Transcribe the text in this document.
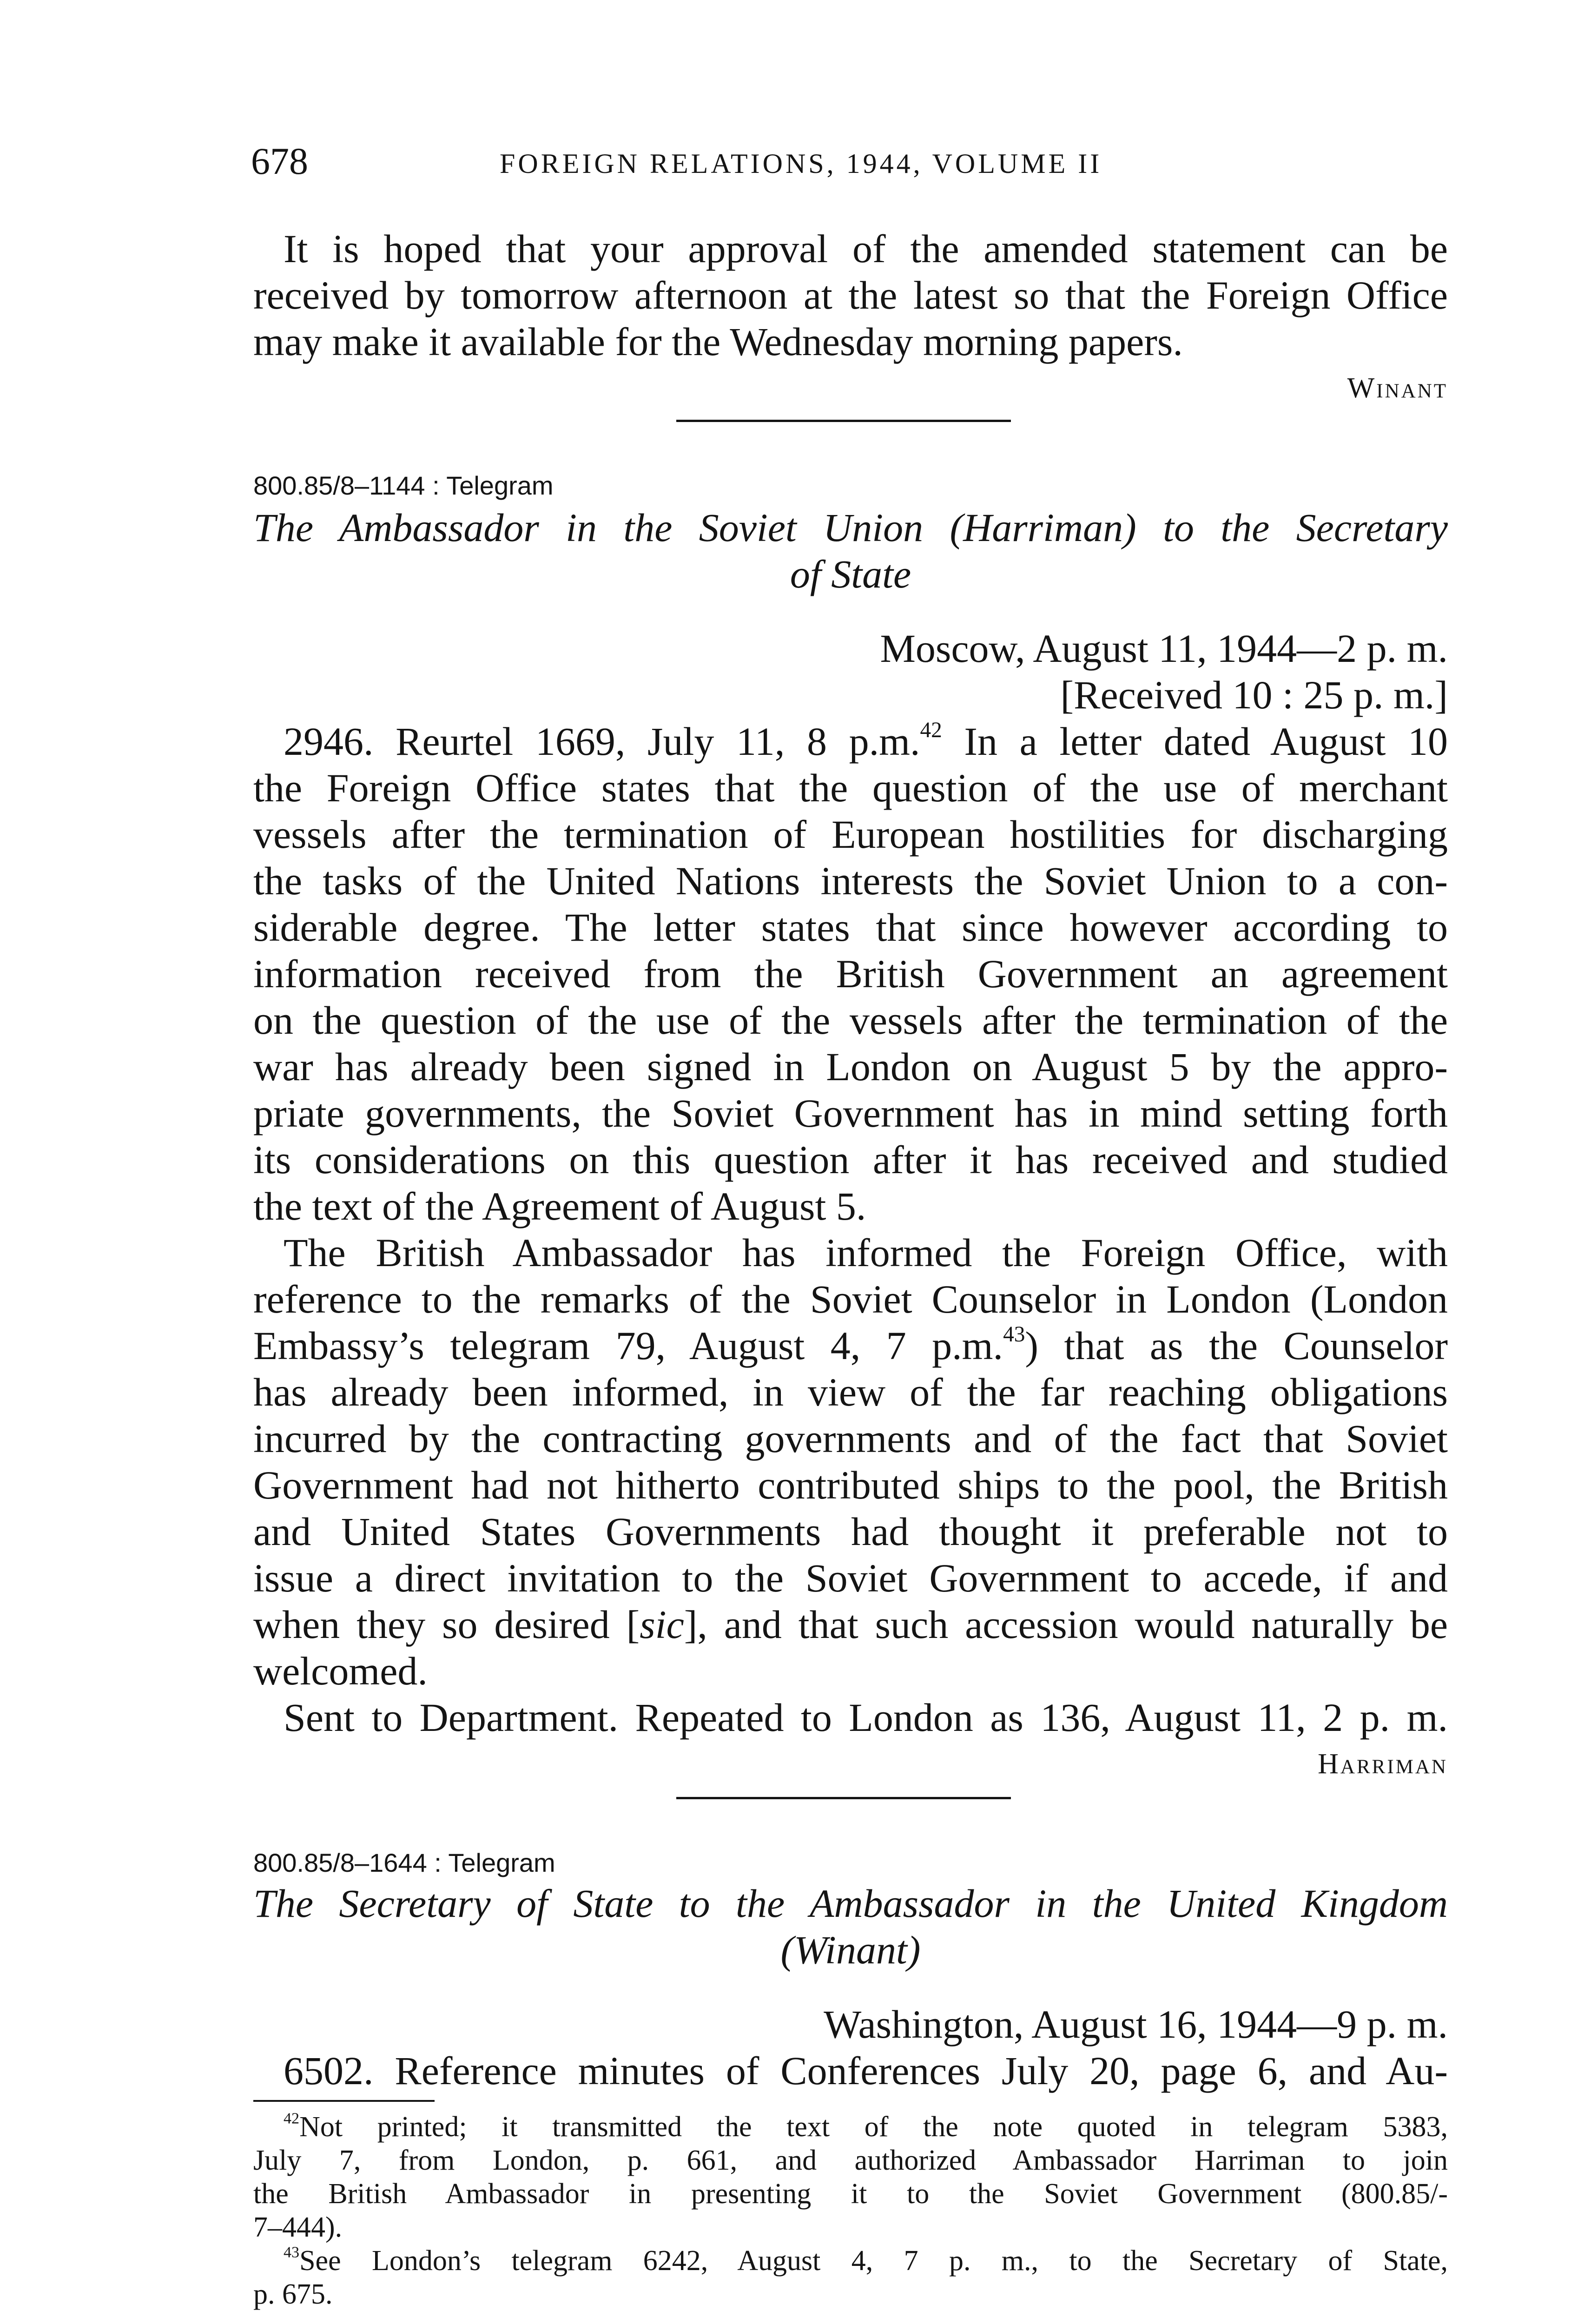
678	FOREIGN RELATIONS, 1944, VOLUME II
It is hoped that your approval of the amended statement can be
received by tomorrow afternoon at the latest so that the Foreign Office
may make it available for the Wednesday morning papers.
Winant
800.85/8–1144 : Telegram
The Ambassador in the Soviet Union (Harriman) to the Secretary
of State
Moscow, August 11, 1944—2 p. m.
[Received 10 : 25 p. m.]
2946. Reurtel 1669, July 11, 8 p.m.$^{42}$ In a letter dated August 10
the Foreign Office states that the question of the use of merchant
vessels after the termination of European hostilities for discharging
the tasks of the United Nations interests the Soviet Union to a con-
siderable degree. The letter states that since however according to
information received from the British Government an agreement
on the question of the use of the vessels after the termination of the
war has already been signed in London on August 5 by the appro-
priate governments, the Soviet Government has in mind setting forth
its considerations on this question after it has received and studied
the text of the Agreement of August 5.
The British Ambassador has informed the Foreign Office, with
reference to the remarks of the Soviet Counselor in London (London
Embassy’s telegram 79, August 4, 7 p.m.$^{43}$) that as the Counselor
has already been informed, in view of the far reaching obligations
incurred by the contracting governments and of the fact that Soviet
Government had not hitherto contributed ships to the pool, the British
and United States Governments had thought it preferable not to
issue a direct invitation to the Soviet Government to accede, if and
when they so desired [sic], and that such accession would naturally be
welcomed.
Sent to Department. Repeated to London as 136, August 11, 2 p. m.
Harriman
800.85/8–1644 : Telegram
The Secretary of State to the Ambassador in the United Kingdom
(Winant)
Washington, August 16, 1944—9 p. m.
6502. Reference minutes of Conferences July 20, page 6, and Au-
$^{42}$Not printed; it transmitted the text of the note quoted in telegram 5383,
July 7, from London, p. 661, and authorized Ambassador Harriman to join
the British Ambassador in presenting it to the Soviet Government (800.85/-
7–444).
$^{43}$See London’s telegram 6242, August 4, 7 p. m., to the Secretary of State,
p. 675.
